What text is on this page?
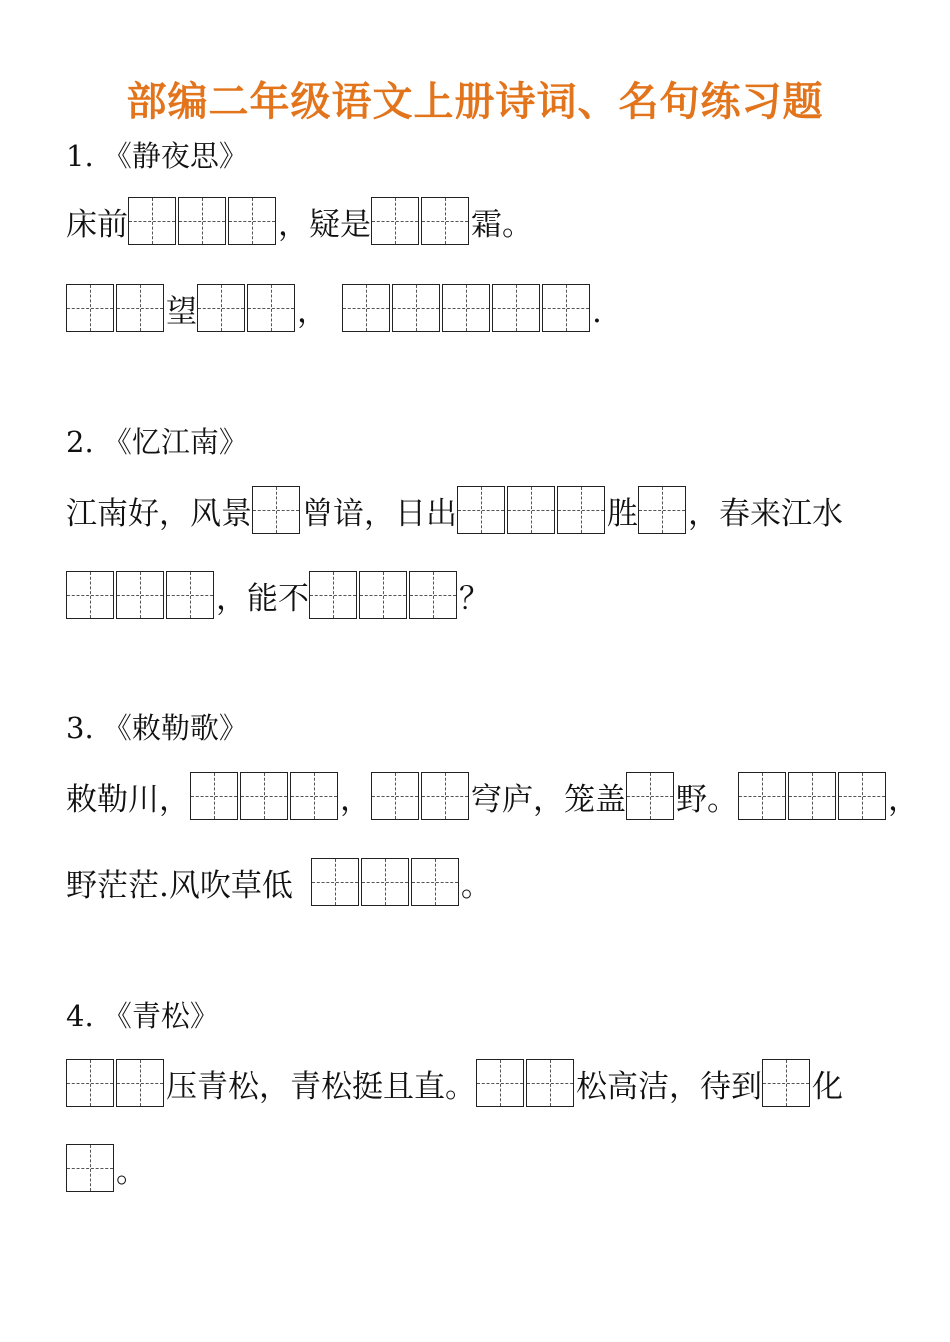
部编二年级语文上册诗词、名句练习题
1. 《静夜思》
床前	，疑是	霜。
望	，	.
2. 《忆江南》
江南好，风景 曾谙，日出	胜 ，春来江水
，能不	？
3. 《敕勒歌》
敕勒川，	，	穹庐，笼盖 野。	，
野茫茫.风吹草低	。
4. 《青松》
压青松，青松挺且直。	松高洁，待到 化
。
